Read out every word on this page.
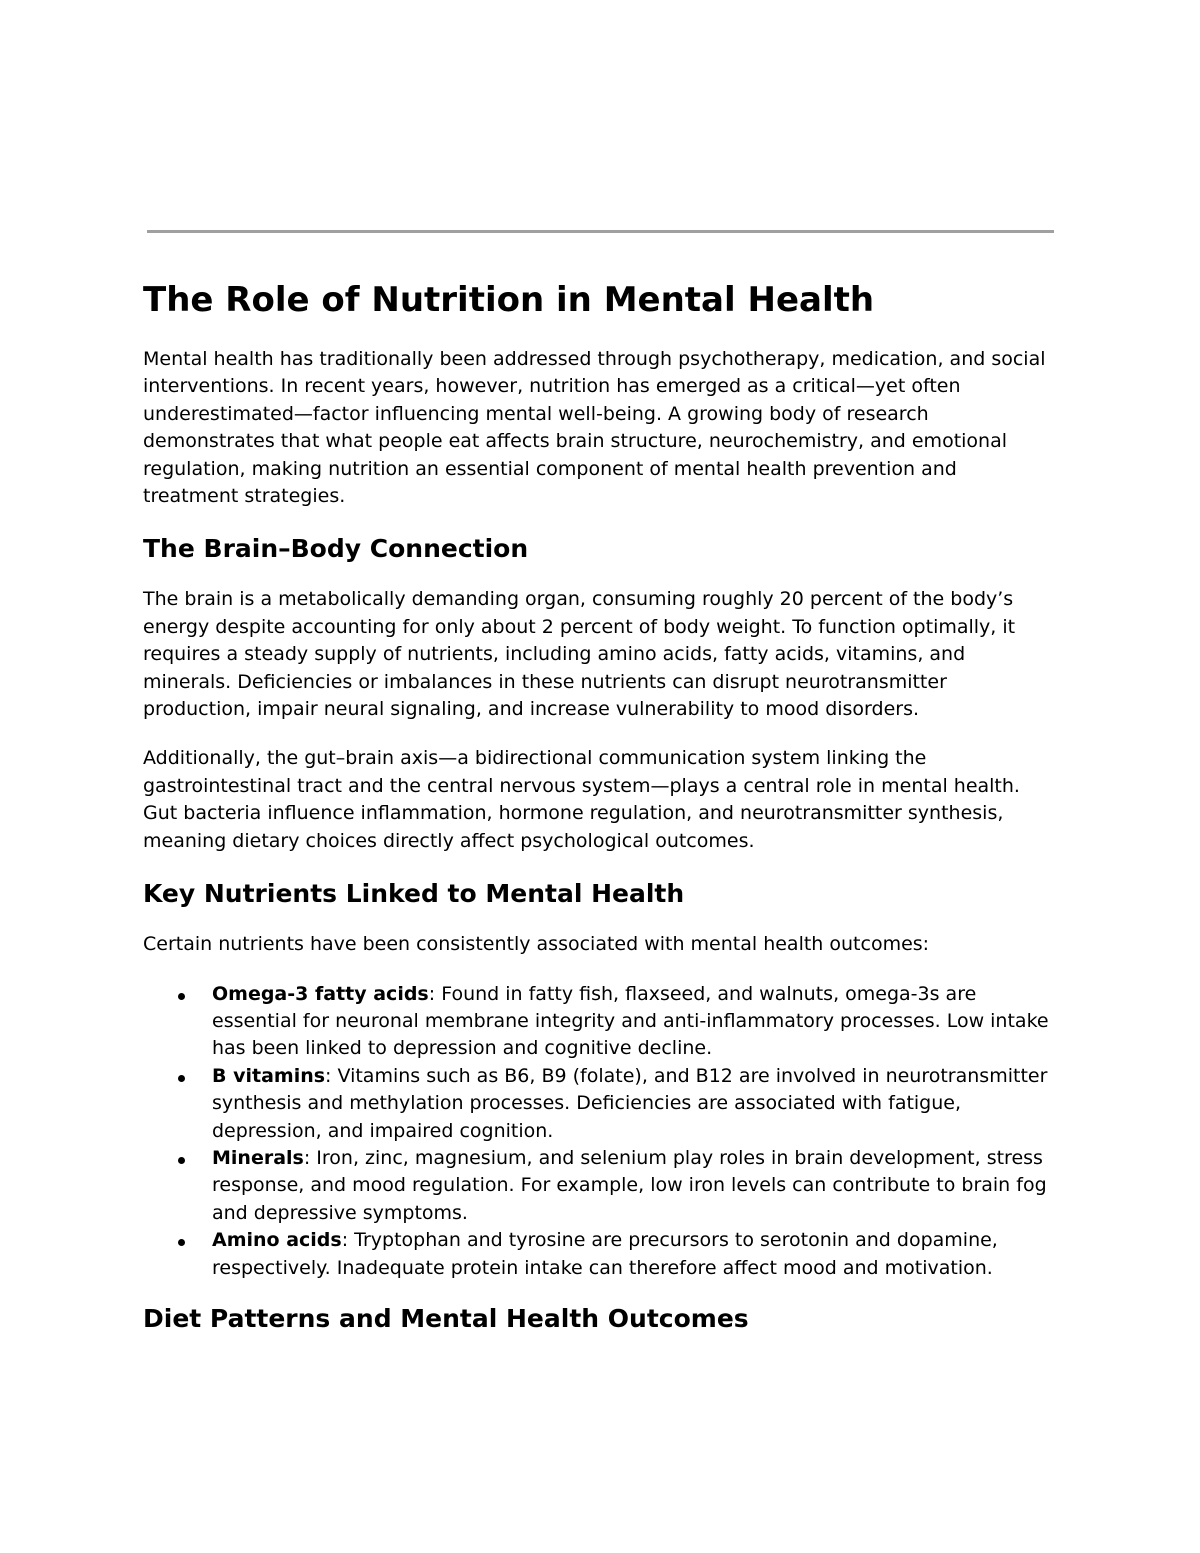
The Role of Nutrition in Mental Health

Mental health has traditionally been addressed through psychotherapy, medication, and social interventions. In recent years, however, nutrition has emerged as a critical—yet often underestimated—factor influencing mental well-being. A growing body of research demonstrates that what people eat affects brain structure, neurochemistry, and emotional regulation, making nutrition an essential component of mental health prevention and treatment strategies.

The Brain–Body Connection

The brain is a metabolically demanding organ, consuming roughly 20 percent of the body’s energy despite accounting for only about 2 percent of body weight. To function optimally, it requires a steady supply of nutrients, including amino acids, fatty acids, vitamins, and minerals. Deficiencies or imbalances in these nutrients can disrupt neurotransmitter production, impair neural signaling, and increase vulnerability to mood disorders.

Additionally, the gut–brain axis—a bidirectional communication system linking the gastrointestinal tract and the central nervous system—plays a central role in mental health. Gut bacteria influence inflammation, hormone regulation, and neurotransmitter synthesis, meaning dietary choices directly affect psychological outcomes.

Key Nutrients Linked to Mental Health

Certain nutrients have been consistently associated with mental health outcomes:

Omega-3 fatty acids: Found in fatty fish, flaxseed, and walnuts, omega-3s are essential for neuronal membrane integrity and anti-inflammatory processes. Low intake has been linked to depression and cognitive decline.
B vitamins: Vitamins such as B6, B9 (folate), and B12 are involved in neurotransmitter synthesis and methylation processes. Deficiencies are associated with fatigue, depression, and impaired cognition.
Minerals: Iron, zinc, magnesium, and selenium play roles in brain development, stress response, and mood regulation. For example, low iron levels can contribute to brain fog and depressive symptoms.
Amino acids: Tryptophan and tyrosine are precursors to serotonin and dopamine, respectively. Inadequate protein intake can therefore affect mood and motivation.
Diet Patterns and Mental Health Outcomes
